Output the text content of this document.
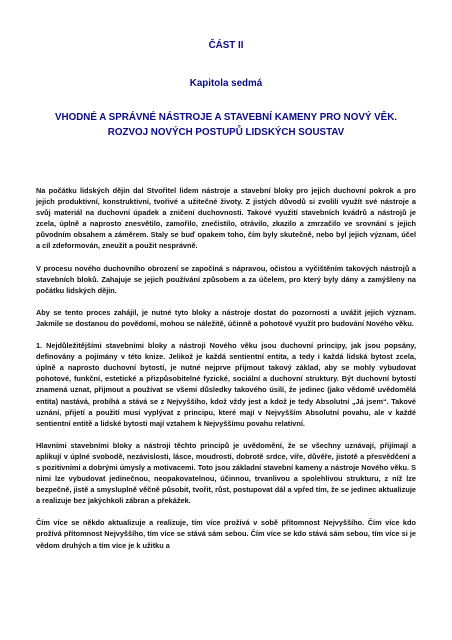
ČÁST II

Kapitola sedmá

VHODNÉ A SPRÁVNÉ NÁSTROJE A STAVEBNÍ KAMENY PRO NOVÝ VĚK.
ROZVOJ NOVÝCH POSTUPŮ LIDSKÝCH SOUSTAV

Na počátku lidských dějin dal Stvořitel lidem nástroje a stavební bloky pro jejich duchovní pokrok a pro jejich produktivní, konstruktivní, tvořivé a užitečné životy. Z jistých důvodů si zvolili využít své nástroje a svůj materiál na duchovní úpadek a zničení duchovnosti. Takové využití stavebních kvádrů a nástrojů je zcela, úplně a naprosto znesvětilo, zamořilo, znečistilo, otrávilo, zkazilo a zmrzačilo ve srovnání s jejich původním obsahem a záměrem. Staly se buď opakem toho, čím byly skutečně, nebo byl jejich význam, účel a cíl zdeformován, zneužit a použit nesprávně.

V procesu nového duchovního obrození se započíná s nápravou, očistou a vyčištěním takových nástrojů a stavebních bloků. Zahajuje se jejich používání způsobem a za účelem, pro který byly dány a zamýšleny na počátku lidských dějin.

Aby se tento proces zahájil, je nutné tyto bloky a nástroje dostat do pozornosti a uvážit jejich význam. Jakmile se dostanou do povědomí, mohou se náležitě, účinně a pohotově využít pro budování Nového věku.

1. Nejdůležitějšími stavebními bloky a nástroji Nového věku jsou duchovní principy, jak jsou popsány, definovány a pojímány v této knize. Jelikož je každá sentientní entita, a tedy i každá lidská bytost zcela, úplně a naprosto duchovní bytostí, je nutné nejprve přijmout takový základ, aby se mohly vybudovat pohotové, funkční, estetické a přizpůsobitelné fyzické, sociální a duchovní struktury. Být duchovní bytostí znamená uznat, přijmout a používat se všemi důsledky takového úsilí, že jedinec (jako vědomě uvědomělá entita) nastává, probíhá a stává se z Nejvyššího, kdož vždy jest a kdož je tedy Absolutní „Já jsem“. Takové uznání, přijetí a použití musí vyplývat z principu, které mají v Nejvyšším Absolutní povahu, ale v každé sentientní entitě a lidské bytosti mají vztahem k Nejvyššímu povahu relativní.

Hlavními stavebními bloky a nástroji těchto principů je uvědomění, že se všechny uznávají, přijímají a aplikují v úplné svobodě, nezávislosti, lásce, moudrosti, dobrotě srdce, víře, důvěře, jistotě a přesvědčení a s pozitivními a dobrými úmysly a motivacemi. Toto jsou základní stavební kameny a nástroje Nového věku. S nimi lze vybudovat jedinečnou, neopakovatelnou, účinnou, trvanlivou a spolehlivou strukturu, z níž lze bezpečně, jistě a smysluplně věčně působit, tvořit, růst, postupovat dál a vpřed tím, že se jedinec aktualizuje a realizuje bez jakýchkoli zábran a překážek.

Čím více se někdo aktualizuje a realizuje, tím více prožívá v sobě přítomnost Nejvyššího. Čím více kdo prožívá přítomnost Nejvyššího, tím více se stává sám sebou. Čím více se kdo stává sám sebou, tím více si je vědom druhých a tím více je k užitku a
